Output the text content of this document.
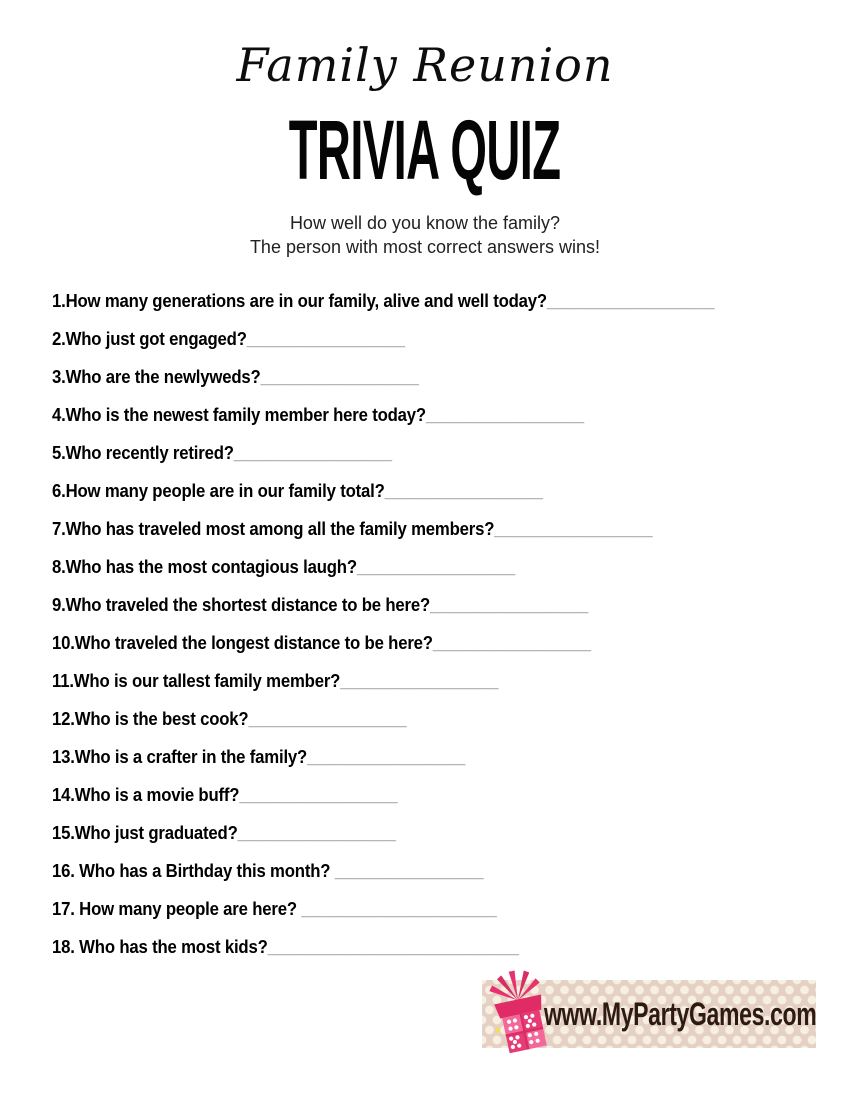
Family Reunion
TRIVIA QUIZ
How well do you know the family?
The person with most correct answers wins!
1.How many generations are in our family, alive and well today?__________________
2.Who just got engaged?_________________
3.Who are the newlyweds?_________________
4.Who is the newest family member here today?_________________
5.Who recently retired?_________________
6.How many people are in our family total?_________________
7.Who has traveled most among all the family members?_________________
8.Who has the most contagious laugh?_________________
9.Who traveled the shortest distance to be here?_________________
10.Who traveled the longest distance to be here?_________________
11.Who is our tallest family member?_________________
12.Who is the best cook?_________________
13.Who is a crafter in the family?_________________
14.Who is a movie buff?_________________
15.Who just graduated?_________________
16. Who has a Birthday this month? ________________
17. How many people are here? _____________________
18. Who has the most kids?___________________________
www.MyPartyGames.com
